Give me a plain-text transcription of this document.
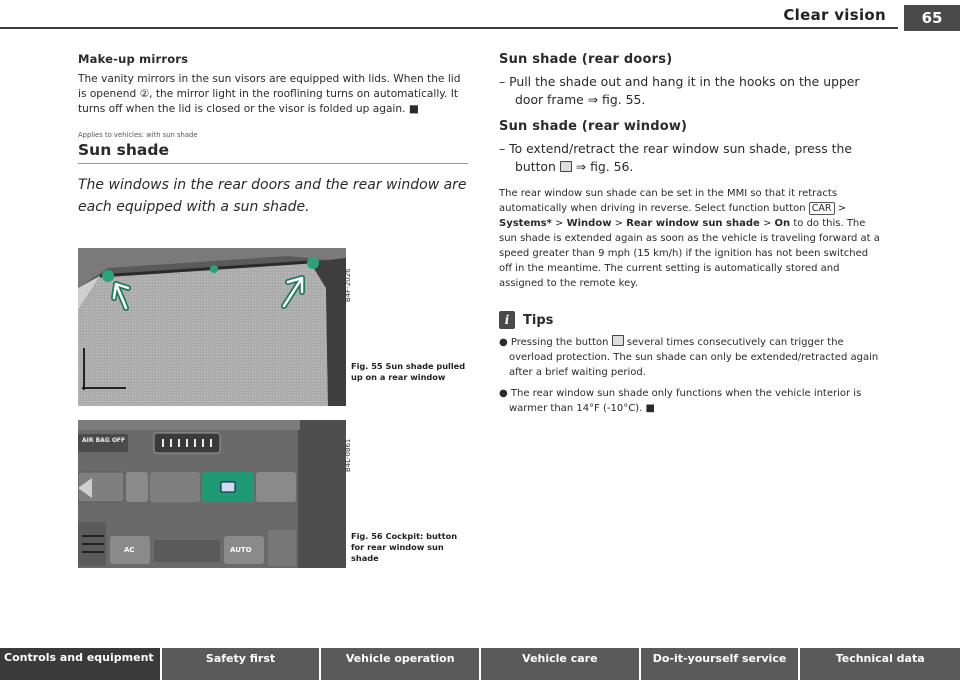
Clear vision	65
Make-up mirrors

The vanity mirrors in the sun visors are equipped with lids. When the lid is openend ②, the mirror light in the rooflining turns on automatically. It turns off when the lid is closed or the visor is folded up again. ■

Applies to vehicles: with sun shade
Sun shade

The windows in the rear doors and the rear window are each equipped with a sun shade.

B4F-2026
Fig. 55 Sun shade pulled up on a rear window
AIR BAG OFF
AC	AUTO
B4L-0861
Fig. 56 Cockpit: button for rear window sun shade
Sun shade (rear doors)
– Pull the shade out and hang it in the hooks on the upper door frame ⇒ fig. 55.
Sun shade (rear window)
– To extend/retract the rear window sun shade, press the button  ⇒ fig. 56.

The rear window sun shade can be set in the MMI so that it retracts automatically when driving in reverse. Select function button CAR > Systems* > Window > Rear window sun shade > On to do this. The sun shade is extended again as soon as the vehicle is traveling forward at a speed greater than 9 mph (15 km/h) if the ignition has not been switched off in the meantime. The current setting is automatically stored and assigned to the remote key.

i	Tips
● Pressing the button  several times consecutively can trigger the overload protection. The sun shade can only be extended/retracted again after a brief waiting period.
● The rear window sun shade only functions when the vehicle interior is warmer than 14°F (-10°C). ■
Controls and equipment	Safety first	Vehicle operation	Vehicle care	Do-it-yourself service	Technical data
